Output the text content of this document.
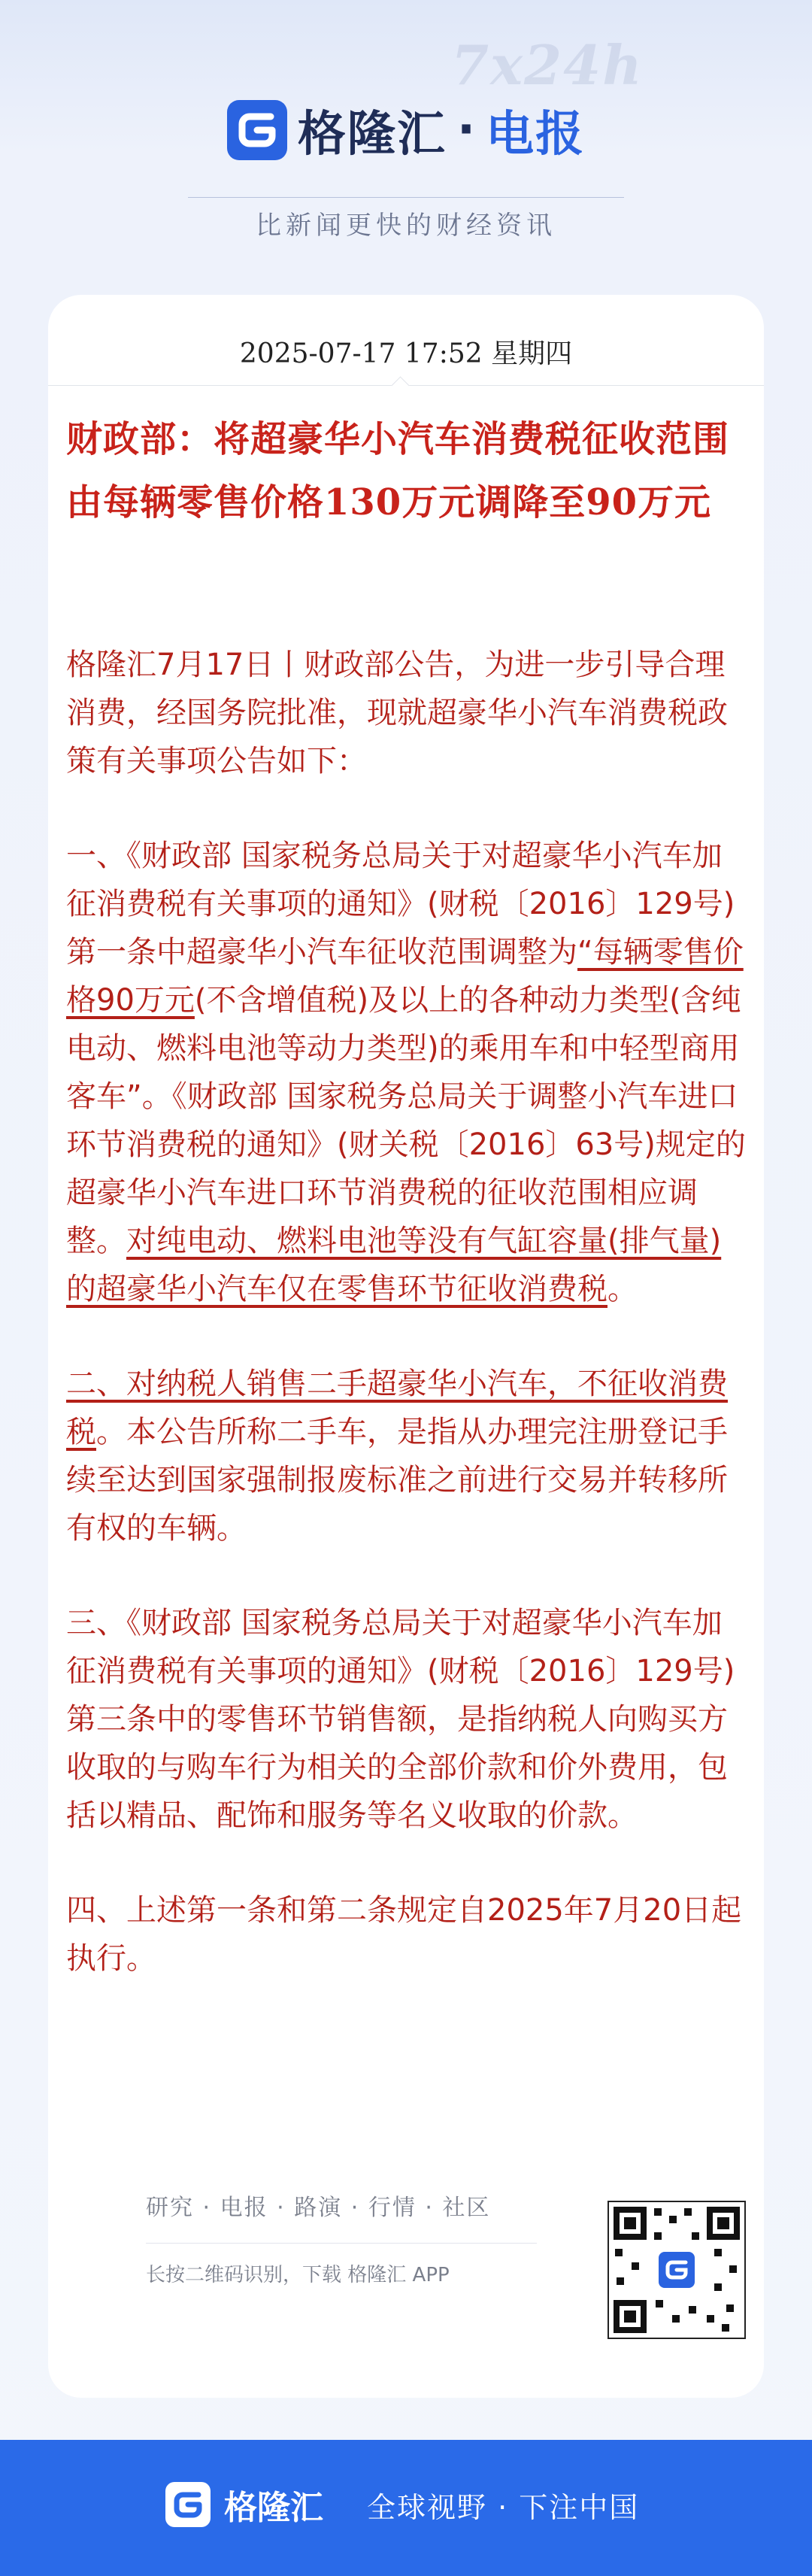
7x24h
格隆汇 · 电报
比新闻更快的财经资讯
2025-07-17 17:52 星期四
财政部：将超豪华小汽车消费税征收范围由每辆零售价格130万元调降至90万元

格隆汇7月17日丨财政部公告，为进一步引导合理消费，经国务院批准，现就超豪华小汽车消费税政策有关事项公告如下：

一、《财政部 国家税务总局关于对超豪华小汽车加征消费税有关事项的通知》(财税〔2016〕129号)第一条中超豪华小汽车征收范围调整为“每辆零售价格90万元(不含增值税)及以上的各种动力类型(含纯电动、燃料电池等动力类型)的乘用车和中轻型商用客车”。《财政部 国家税务总局关于调整小汽车进口环节消费税的通知》(财关税〔2016〕63号)规定的超豪华小汽车进口环节消费税的征收范围相应调整。对纯电动、燃料电池等没有气缸容量(排气量)的超豪华小汽车仅在零售环节征收消费税。

二、对纳税人销售二手超豪华小汽车，不征收消费税。本公告所称二手车，是指从办理完注册登记手续至达到国家强制报废标准之前进行交易并转移所有权的车辆。

三、《财政部 国家税务总局关于对超豪华小汽车加征消费税有关事项的通知》(财税〔2016〕129号)第三条中的零售环节销售额，是指纳税人向购买方收取的与购车行为相关的全部价款和价外费用，包括以精品、配饰和服务等名义收取的价款。

四、上述第一条和第二条规定自2025年7月20日起执行。

研究 · 电报 · 路演 · 行情 · 社区
长按二维码识别，下载 格隆汇 APP
格隆汇 全球视野 · 下注中国
